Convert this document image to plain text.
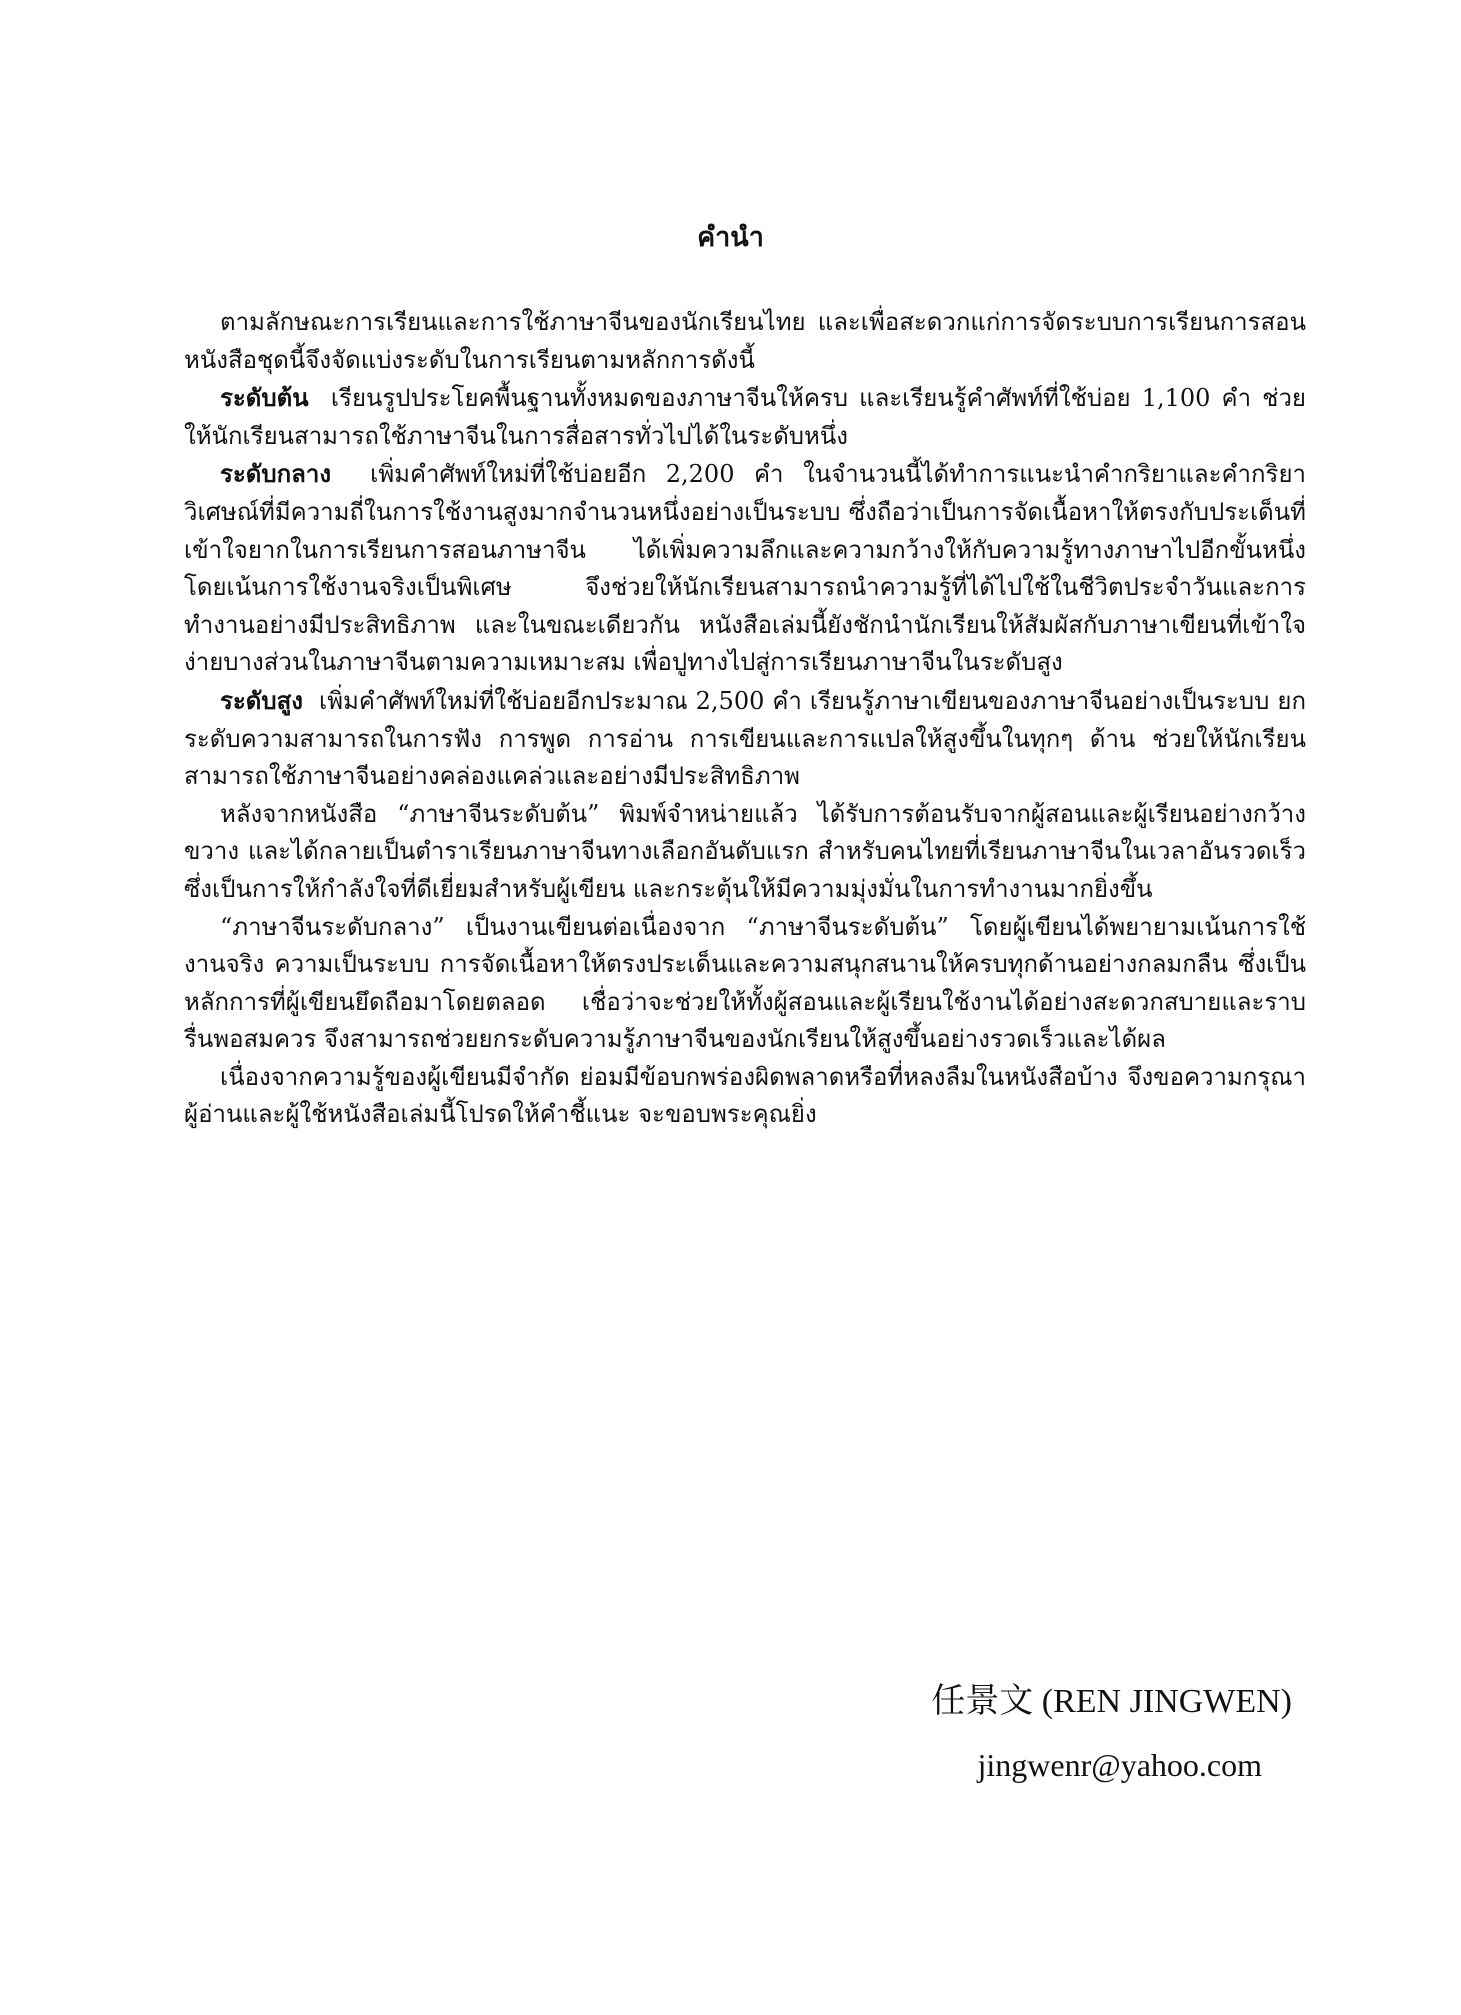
คำนำ

ตามลักษณะการเรียนและการใช้ภาษาจีนของนักเรียนไทย และเพื่อสะดวกแก่การจัดระบบการเรียนการสอน หนังสือชุดนี้จึงจัดแบ่งระดับในการเรียนตามหลักการดังนี้

ระดับต้น เรียนรูปประโยคพื้นฐานทั้งหมดของภาษาจีนให้ครบ และเรียนรู้คำศัพท์ที่ใช้บ่อย 1,100 คำ ช่วยให้นักเรียนสามารถใช้ภาษาจีนในการสื่อสารทั่วไปได้ในระดับหนึ่ง

ระดับกลาง เพิ่มคำศัพท์ใหม่ที่ใช้บ่อยอีก 2,200 คำ ในจำนวนนี้ได้ทำการแนะนำคำกริยาและคำกริยาวิเศษณ์ที่มีความถี่ในการใช้งานสูงมากจำนวนหนึ่งอย่างเป็นระบบ ซึ่งถือว่าเป็นการจัดเนื้อหาให้ตรงกับประเด็นที่เข้าใจยากในการเรียนการสอนภาษาจีน ได้เพิ่มความลึกและความกว้างให้กับความรู้ทางภาษาไปอีกขั้นหนึ่ง โดยเน้นการใช้งานจริงเป็นพิเศษ จึงช่วยให้นักเรียนสามารถนำความรู้ที่ได้ไปใช้ในชีวิตประจำวันและการทำงานอย่างมีประสิทธิภาพ และในขณะเดียวกัน หนังสือเล่มนี้ยังชักนำนักเรียนให้สัมผัสกับภาษาเขียนที่เข้าใจง่ายบางส่วนในภาษาจีนตามความเหมาะสม เพื่อปูทางไปสู่การเรียนภาษาจีนในระดับสูง

ระดับสูง เพิ่มคำศัพท์ใหม่ที่ใช้บ่อยอีกประมาณ 2,500 คำ เรียนรู้ภาษาเขียนของภาษาจีนอย่างเป็นระบบ ยกระดับความสามารถในการฟัง การพูด การอ่าน การเขียนและการแปลให้สูงขึ้นในทุกๆ ด้าน ช่วยให้นักเรียนสามารถใช้ภาษาจีนอย่างคล่องแคล่วและอย่างมีประสิทธิภาพ

หลังจากหนังสือ “ภาษาจีนระดับต้น” พิมพ์จำหน่ายแล้ว ได้รับการต้อนรับจากผู้สอนและผู้เรียนอย่างกว้างขวาง และได้กลายเป็นตำราเรียนภาษาจีนทางเลือกอันดับแรก สำหรับคนไทยที่เรียนภาษาจีนในเวลาอันรวดเร็ว ซึ่งเป็นการให้กำลังใจที่ดีเยี่ยมสำหรับผู้เขียน และกระตุ้นให้มีความมุ่งมั่นในการทำงานมากยิ่งขึ้น

“ภาษาจีนระดับกลาง” เป็นงานเขียนต่อเนื่องจาก “ภาษาจีนระดับต้น” โดยผู้เขียนได้พยายามเน้นการใช้งานจริง ความเป็นระบบ การจัดเนื้อหาให้ตรงประเด็นและความสนุกสนานให้ครบทุกด้านอย่างกลมกลืน ซึ่งเป็นหลักการที่ผู้เขียนยึดถือมาโดยตลอด เชื่อว่าจะช่วยให้ทั้งผู้สอนและผู้เรียนใช้งานได้อย่างสะดวกสบายและราบรื่นพอสมควร จึงสามารถช่วยยกระดับความรู้ภาษาจีนของนักเรียนให้สูงขึ้นอย่างรวดเร็วและได้ผล

เนื่องจากความรู้ของผู้เขียนมีจำกัด ย่อมมีข้อบกพร่องผิดพลาดหรือที่หลงลืมในหนังสือบ้าง จึงขอความกรุณาผู้อ่านและผู้ใช้หนังสือเล่มนี้โปรดให้คำชี้แนะ จะขอบพระคุณยิ่ง

任景文 (REN JINGWEN)
jingwenr@yahoo.com
